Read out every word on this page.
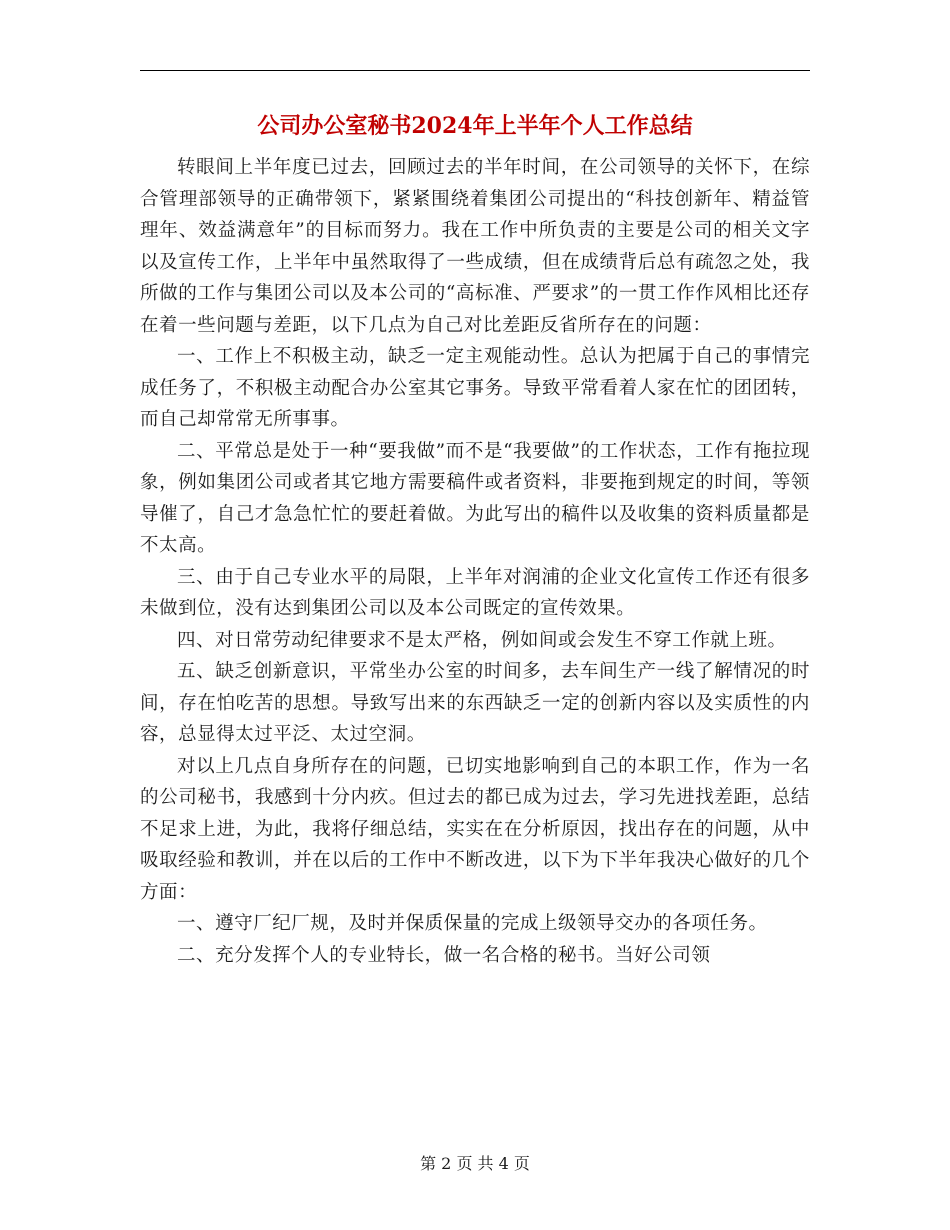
公司办公室秘书2024年上半年个人工作总结

转眼间上半年度已过去，回顾过去的半年时间，在公司领导的关怀下，在综合管理部领导的正确带领下，紧紧围绕着集团公司提出的“科技创新年、精益管理年、效益满意年”的目标而努力。我在工作中所负责的主要是公司的相关文字以及宣传工作，上半年中虽然取得了一些成绩，但在成绩背后总有疏忽之处，我所做的工作与集团公司以及本公司的“高标准、严要求”的一贯工作作风相比还存在着一些问题与差距，以下几点为自己对比差距反省所存在的问题：

一、工作上不积极主动，缺乏一定主观能动性。总认为把属于自己的事情完成任务了，不积极主动配合办公室其它事务。导致平常看着人家在忙的团团转，而自己却常常无所事事。

二、平常总是处于一种“要我做”而不是“我要做”的工作状态，工作有拖拉现象，例如集团公司或者其它地方需要稿件或者资料，非要拖到规定的时间，等领导催了，自己才急急忙忙的要赶着做。为此写出的稿件以及收集的资料质量都是不太高。

三、由于自己专业水平的局限，上半年对润浦的企业文化宣传工作还有很多未做到位，没有达到集团公司以及本公司既定的宣传效果。

四、对日常劳动纪律要求不是太严格，例如间或会发生不穿工作就上班。

五、缺乏创新意识，平常坐办公室的时间多，去车间生产一线了解情况的时间，存在怕吃苦的思想。导致写出来的东西缺乏一定的创新内容以及实质性的内容，总显得太过平泛、太过空洞。

对以上几点自身所存在的问题，已切实地影响到自己的本职工作，作为一名的公司秘书，我感到十分内疚。但过去的都已成为过去，学习先进找差距，总结不足求上进，为此，我将仔细总结，实实在在分析原因，找出存在的问题，从中吸取经验和教训，并在以后的工作中不断改进，以下为下半年我决心做好的几个方面：

一、遵守厂纪厂规，及时并保质保量的完成上级领导交办的各项任务。

二、充分发挥个人的专业特长，做一名合格的秘书。当好公司领

第 2 页 共 4 页
